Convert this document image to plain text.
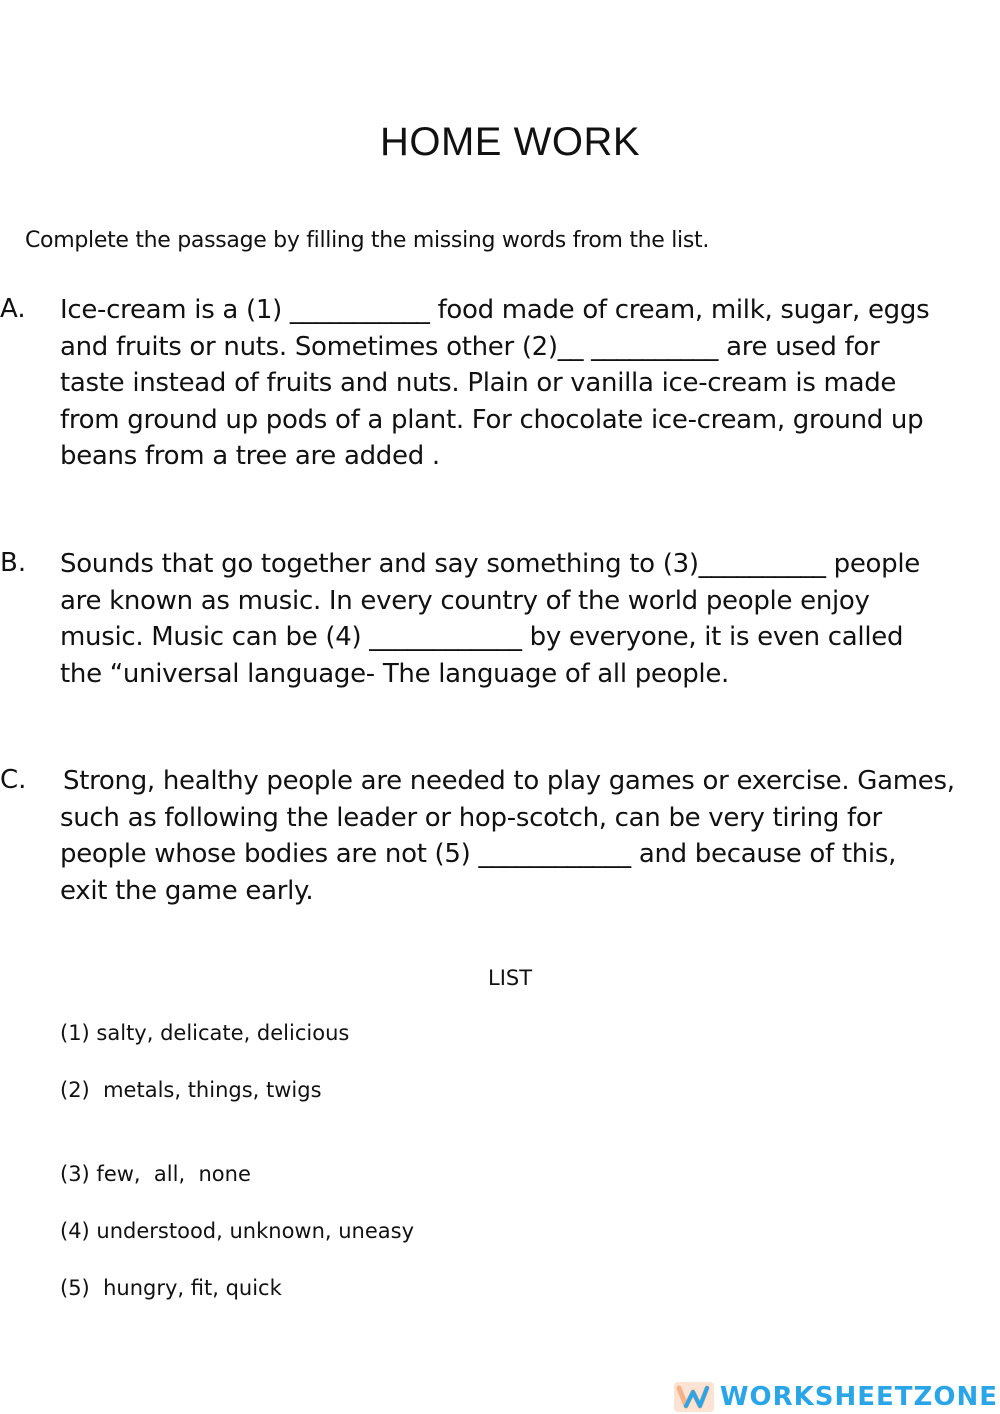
HOME WORK
Complete the passage by filling the missing words from the list.
A. Ice-cream is a (1) ___________ food made of cream, milk, sugar, eggs
and fruits or nuts. Sometimes other (2)__ __________ are used for
taste instead of fruits and nuts. Plain or vanilla ice-cream is made
from ground up pods of a plant. For chocolate ice-cream, ground up
beans from a tree are added .
B. Sounds that go together and say something to (3)__________ people
are known as music. In every country of the world people enjoy
music. Music can be (4) ____________ by everyone, it is even called
the “universal language- The language of all people.
C. Strong, healthy people are needed to play games or exercise. Games,
such as following the leader or hop-scotch, can be very tiring for
people whose bodies are not (5) ____________ and because of this,
exit the game early.
LIST
(1) salty, delicate, delicious
(2)  metals, things, twigs
(3) few,  all,  none
(4) understood, unknown, uneasy
(5)  hungry, fit, quick
WORKSHEETZONE
